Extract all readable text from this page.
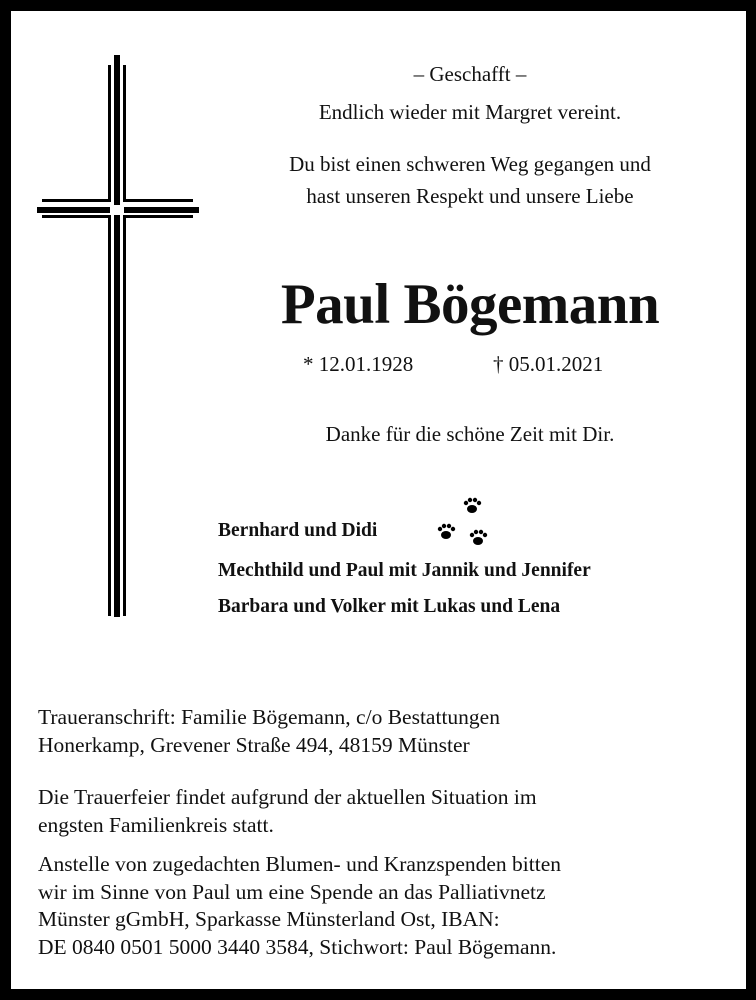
– Geschafft –
Endlich wieder mit Margret vereint.
Du bist einen schweren Weg gegangen und
hast unseren Respekt und unsere Liebe
Paul Bögemann
* 12.01.1928	† 05.01.2021
Danke für die schöne Zeit mit Dir.
Bernhard und Didi
Mechthild und Paul mit Jannik und Jennifer
Barbara und Volker mit Lukas und Lena
Traueranschrift: Familie Bögemann, c/o Bestattungen
Honerkamp, Grevener Straße 494, 48159 Münster
Die Trauerfeier findet aufgrund der aktuellen Situation im
engsten Familienkreis statt.
Anstelle von zugedachten Blumen- und Kranzspenden bitten
wir im Sinne von Paul um eine Spende an das Palliativnetz
Münster gGmbH, Sparkasse Münsterland Ost, IBAN:
DE 0840 0501 5000 3440 3584, Stichwort: Paul Bögemann.
